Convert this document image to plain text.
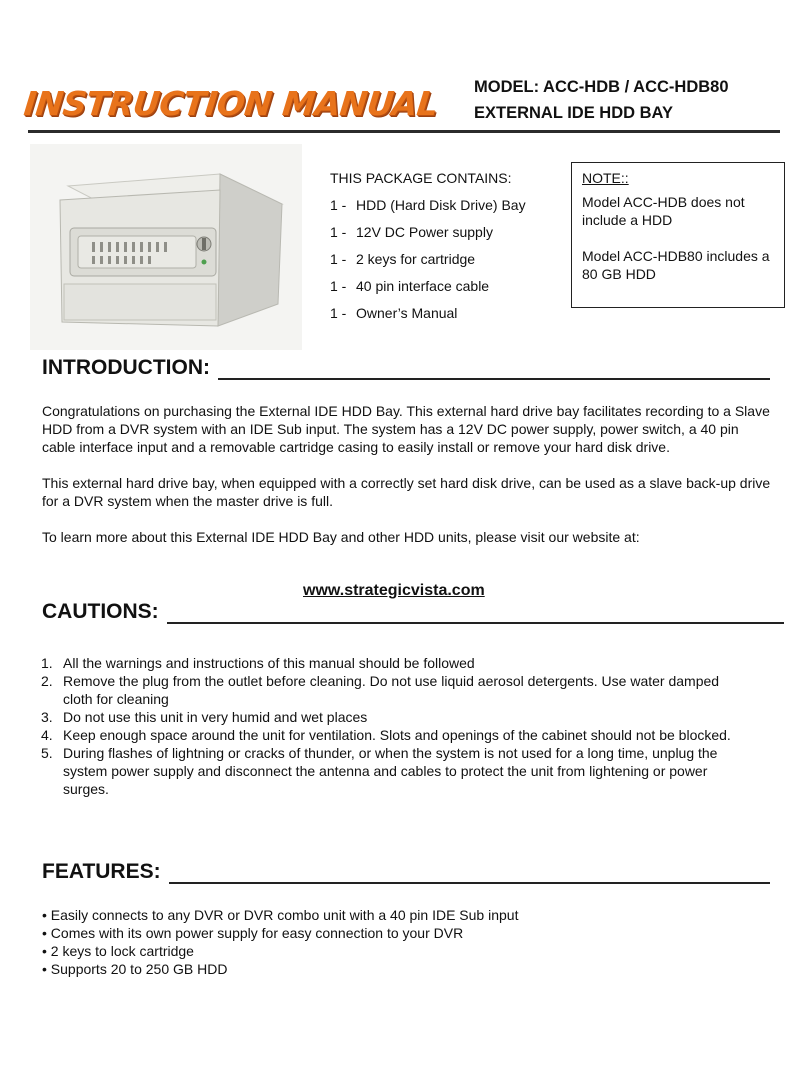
INSTRUCTION MANUAL MODEL: ACC-HDB / ACC-HDB80
EXTERNAL IDE HDD BAY
THIS PACKAGE CONTAINS:
1 - HDD (Hard Disk Drive) Bay
1 - 12V DC Power supply
1 - 2 keys for cartridge
1 - 40 pin interface cable
1 - Owner’s Manual
NOTE::
Model ACC-HDB does not include a HDD
Model ACC-HDB80 includes a 80 GB HDD
INTRODUCTION:

Congratulations on purchasing the External IDE HDD Bay. This external hard drive bay facilitates recording to a Slave HDD from a DVR system with an IDE Sub input. The system has a 12V DC power supply, power switch, a 40 pin cable interface input and a removable cartridge casing to easily install or remove your hard disk drive.

This external hard drive bay, when equipped with a correctly set hard disk drive, can be used as a slave back-up drive for a DVR system when the master drive is full.

To learn more about this External IDE HDD Bay and other HDD units, please visit our website at:

www.strategicvista.com
CAUTIONS:
1. All the warnings and instructions of this manual should be followed
2. Remove the plug from the outlet before cleaning. Do not use liquid aerosol detergents. Use water damped cloth for cleaning
3. Do not use this unit in very humid and wet places
4. Keep enough space around the unit for ventilation. Slots and openings of the cabinet should not be blocked.
5. During flashes of lightning or cracks of thunder, or when the system is not used for a long time, unplug the system power supply and disconnect the antenna and cables to protect the unit from lightening or power surges.
FEATURES:
• Easily connects to any DVR or DVR combo unit with a 40 pin IDE Sub input
• Comes with its own power supply for easy connection to your DVR
• 2 keys to lock cartridge
• Supports 20 to 250 GB HDD
